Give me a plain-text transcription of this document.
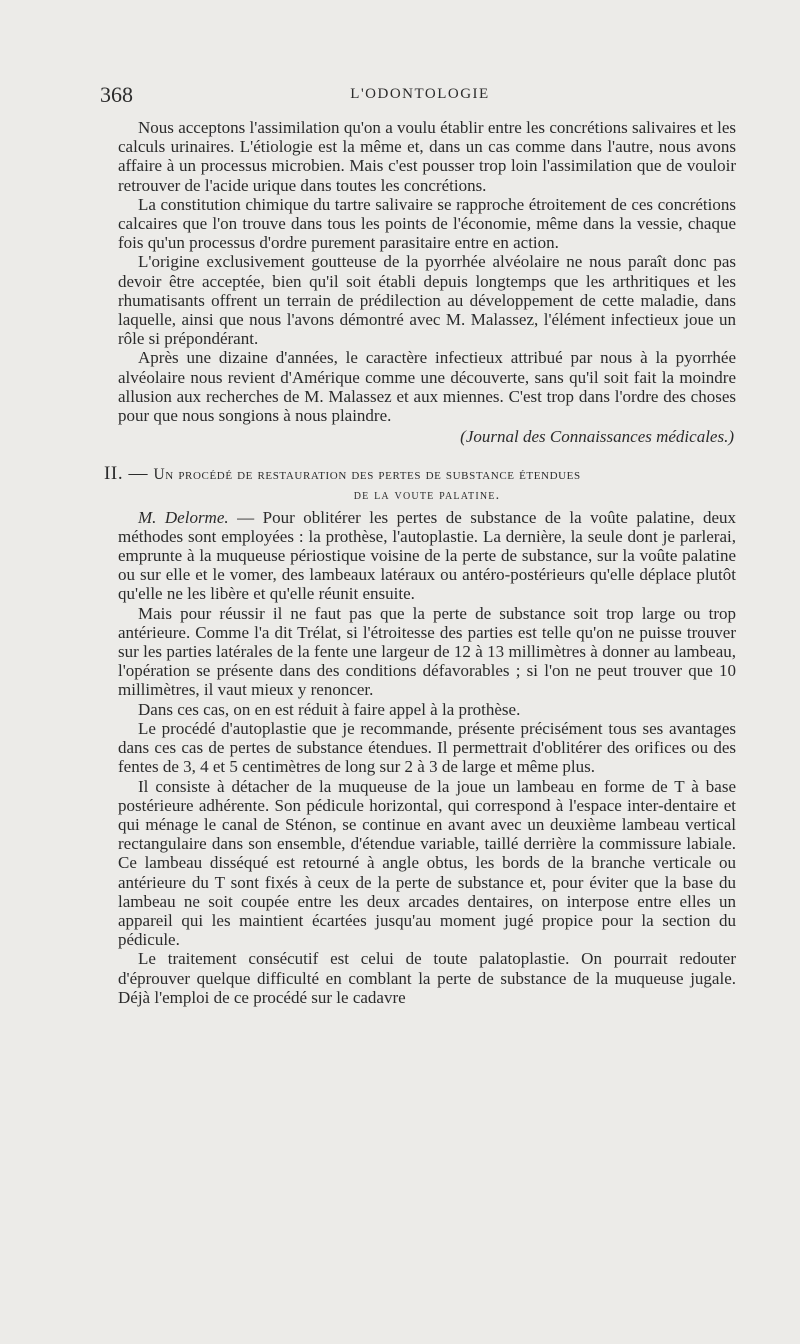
368	L'ODONTOLOGIE

Nous acceptons l'assimilation qu'on a voulu établir entre les concrétions salivaires et les calculs urinaires. L'étiologie est la même et, dans un cas comme dans l'autre, nous avons affaire à un processus microbien. Mais c'est pousser trop loin l'assimilation que de vouloir retrouver de l'acide urique dans toutes les concrétions.

La constitution chimique du tartre salivaire se rapproche étroitement de ces concrétions calcaires que l'on trouve dans tous les points de l'économie, même dans la vessie, chaque fois qu'un processus d'ordre purement parasitaire entre en action.

L'origine exclusivement goutteuse de la pyorrhée alvéolaire ne nous paraît donc pas devoir être acceptée, bien qu'il soit établi depuis longtemps que les arthritiques et les rhumatisants offrent un terrain de prédilection au développement de cette maladie, dans laquelle, ainsi que nous l'avons démontré avec M. Malassez, l'élément infectieux joue un rôle si prépondérant.

Après une dizaine d'années, le caractère infectieux attribué par nous à la pyorrhée alvéolaire nous revient d'Amérique comme une découverte, sans qu'il soit fait la moindre allusion aux recherches de M. Malassez et aux miennes. C'est trop dans l'ordre des choses pour que nous songions à nous plaindre.

(Journal des Connaissances médicales.)

II. — Un procédé de restauration des pertes de substance étendues
de la voute palatine.

M. Delorme. — Pour oblitérer les pertes de substance de la voûte palatine, deux méthodes sont employées : la prothèse, l'autoplastie. La dernière, la seule dont je parlerai, emprunte à la muqueuse périostique voisine de la perte de substance, sur la voûte palatine ou sur elle et le vomer, des lambeaux latéraux ou antéro-postérieurs qu'elle déplace plutôt qu'elle ne les libère et qu'elle réunit ensuite.

Mais pour réussir il ne faut pas que la perte de substance soit trop large ou trop antérieure. Comme l'a dit Trélat, si l'étroitesse des parties est telle qu'on ne puisse trouver sur les parties latérales de la fente une largeur de 12 à 13 millimètres à donner au lambeau, l'opération se présente dans des conditions défavorables ; si l'on ne peut trouver que 10 millimètres, il vaut mieux y renoncer.

Dans ces cas, on en est réduit à faire appel à la prothèse.

Le procédé d'autoplastie que je recommande, présente précisément tous ses avantages dans ces cas de pertes de substance étendues. Il permettrait d'oblitérer des orifices ou des fentes de 3, 4 et 5 centimètres de long sur 2 à 3 de large et même plus.

Il consiste à détacher de la muqueuse de la joue un lambeau en forme de T à base postérieure adhérente. Son pédicule horizontal, qui correspond à l'espace inter-dentaire et qui ménage le canal de Sténon, se continue en avant avec un deuxième lambeau vertical rectangulaire dans son ensemble, d'étendue variable, taillé derrière la commissure labiale. Ce lambeau disséqué est retourné à angle obtus, les bords de la branche verticale ou antérieure du T sont fixés à ceux de la perte de substance et, pour éviter que la base du lambeau ne soit coupée entre les deux arcades dentaires, on interpose entre elles un appareil qui les maintient écartées jusqu'au moment jugé propice pour la section du pédicule.

Le traitement consécutif est celui de toute palatoplastie. On pourrait redouter d'éprouver quelque difficulté en comblant la perte de substance de la muqueuse jugale. Déjà l'emploi de ce procédé sur le cadavre
